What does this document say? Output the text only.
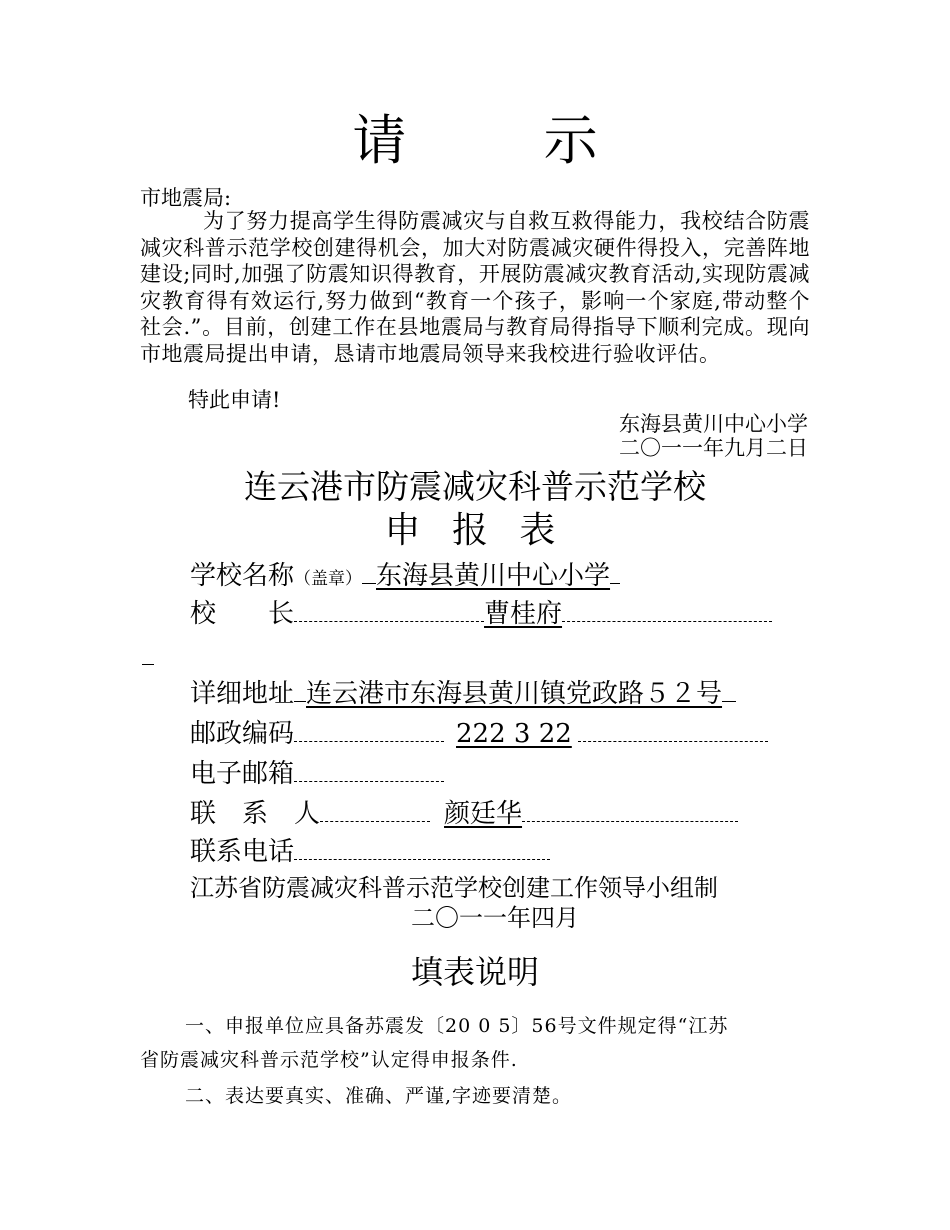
请 示
市地震局:
为了努力提高学生得防震减灾与自救互救得能力，我校结合防震减灾科普示范学校创建得机会，加大对防震减灾硬件得投入，完善阵地建设;同时,加强了防震知识得教育，开展防震减灾教育活动,实现防震减灾教育得有效运行,努力做到“教育一个孩子，影响一个家庭,带动整个社会.”。目前，创建工作在县地震局与教育局得指导下顺利完成。现向市地震局提出申请，恳请市地震局领导来我校进行验收评估。
特此申请!
东海县黄川中心小学
二〇一一年九月二日
连云港市防震减灾科普示范学校
申 报 表
学校名称（盖章） 东海县黄川中心小学
校　　长	曹桂府
详细地址 连云港市东海县黄川镇党政路５２号
邮政编码	222 3 22
电子邮箱
联　系　人	颜廷华
联系电话
江苏省防震减灾科普示范学校创建工作领导小组制
二〇一一年四月
填表说明
一、申报单位应具备苏震发〔20 0 5〕56号文件规定得“江苏
省防震减灾科普示范学校”认定得申报条件.
二、表达要真实、准确、严谨,字迹要清楚。
